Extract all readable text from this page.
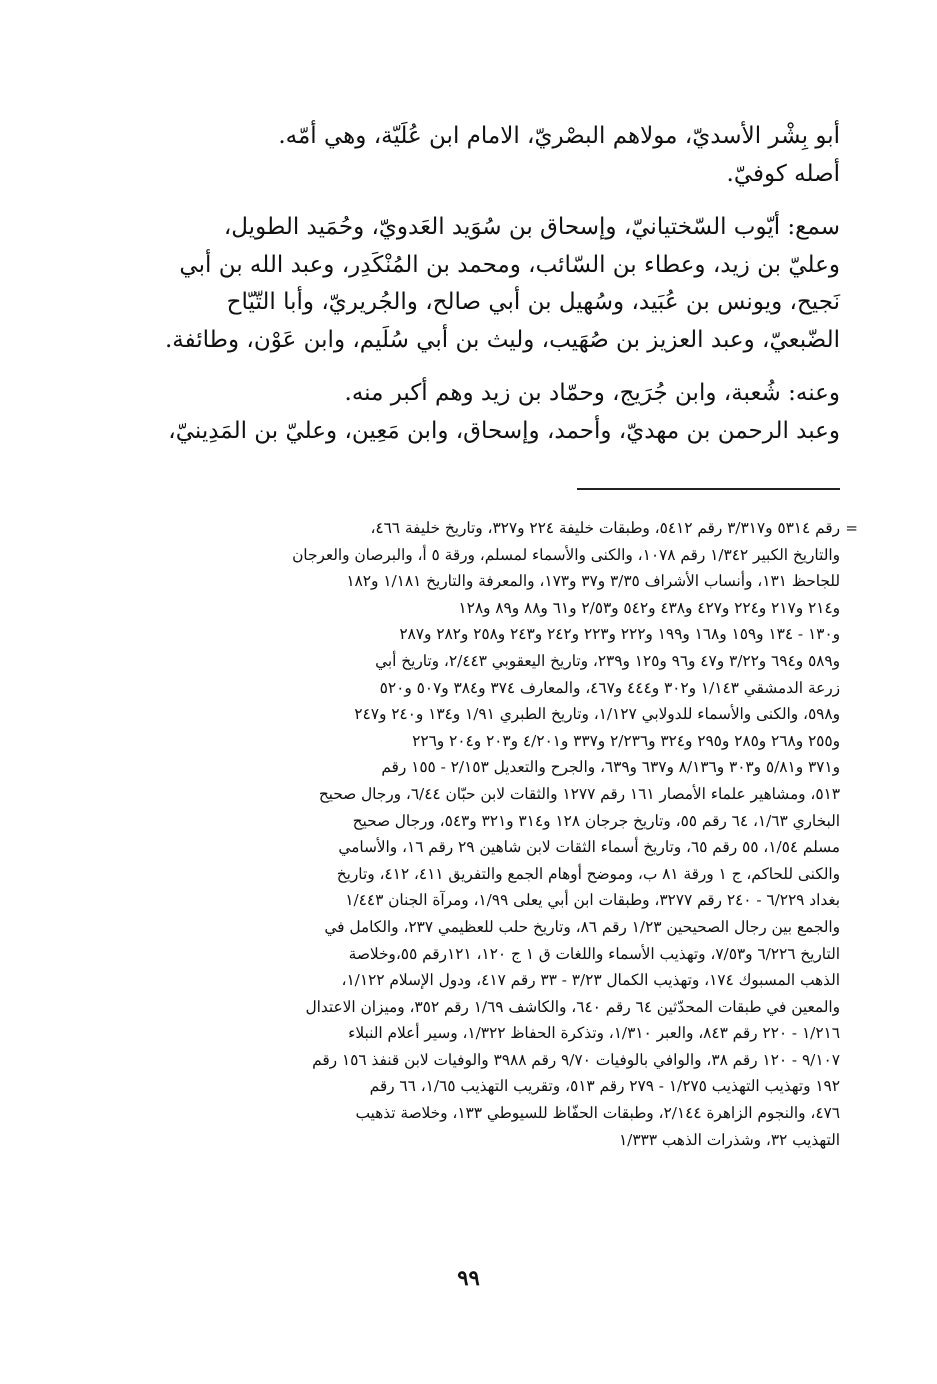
أبو بِشْر الأسديّ، مولاهم البصْريّ، الامام ابن عُلَيّة، وهي أمّه.
أصله كوفيّ.

سمع: أيّوب السّختيانيّ، وإسحاق بن سُوَيد العَدويّ، وحُمَيد الطويل،
وعليّ بن زيد، وعطاء بن السّائب، ومحمد بن المُنْكَدِر، وعبد الله بن أبي
نَجيح، ويونس بن عُبَيد، وسُهيل بن أبي صالح، والجُريريّ، وأبا التّيّاح
الضّبعيّ، وعبد العزيز بن صُهَيب، وليث بن أبي سُلَيم، وابن عَوْن، وطائفة.

وعنه: شُعبة، وابن جُرَيج، وحمّاد بن زيد وهم أكبر منه.
وعبد الرحمن بن مهديّ، وأحمد، وإسحاق، وابن مَعِين، وعليّ بن المَدِينيّ،

=
رقم ٥٣١٤ و٣/٣١٧ رقم ٥٤١٢، وطبقات خليفة ٢٢٤ و٣٢٧، وتاريخ خليفة ٤٦٦،
والتاريخ الكبير ١/٣٤٢ رقم ١٠٧٨، والكنى والأسماء لمسلم، ورقة ٥ أ، والبرصان والعرجان
للجاحظ ١٣١، وأنساب الأشراف ٣/٣٥ و٣٧ و١٧٣، والمعرفة والتاريخ ١/١٨١ و١٨٢
و٢١٤ و٢١٧ و٢٢٤ و٤٢٧ و٤٣٨ و٥٤٢ و٢/٥٣ و٦١ و٨٨ و٨٩ و١٢٨
و١٣٠ - ١٣٤ و١٥٩ و١٦٨ و١٩٩ و٢٢٢ و٢٢٣ و٢٤٢ و٢٤٣ و٢٥٨ و٢٨٢ و٢٨٧
و٥٨٩ و٦٩٤ و٣/٢٢ و٤٧ و٩٦ و١٢٥ و٢٣٩، وتاريخ اليعقوبي ٢/٤٤٣، وتاريخ أبي
زرعة الدمشقي ١/١٤٣ و٣٠٢ و٤٤٤ و٤٦٧، والمعارف ٣٧٤ و٣٨٤ و٥٠٧ و٥٢٠
و٥٩٨، والكنى والأسماء للدولابي ١/١٢٧، وتاريخ الطبري ١/٩١ و١٣٤ و٢٤٠ و٢٤٧
و٢٥٥ و٢٦٨ و٢٨٥ و٢٩٥ و٣٢٤ و٢/٢٣٦ و٣٣٧ و٤/٢٠١ و٢٠٣ و٢٠٤ و٢٢٦
و٣٧١ و٥/٨١ و٣٠٣ و٨/١٣٦ و٦٣٧ و٦٣٩، والجرح والتعديل ٢/١٥٣ - ١٥٥ رقم
٥١٣، ومشاهير علماء الأمصار ١٦١ رقم ١٢٧٧ والثقات لابن حبّان ٦/٤٤، ورجال صحيح
البخاري ١/٦٣، ٦٤ رقم ٥٥، وتاريخ جرجان ١٢٨ و٣١٤ و٣٢١ و٥٤٣، ورجال صحيح
مسلم ١/٥٤، ٥٥ رقم ٦٥، وتاريخ أسماء الثقات لابن شاهين ٢٩ رقم ١٦، والأسامي
والكنى للحاكم، ج ١ ورقة ٨١ ب، وموضح أوهام الجمع والتفريق ٤١١، ٤١٢، وتاريخ
بغداد ٦/٢٢٩ - ٢٤٠ رقم ٣٢٧٧، وطبقات ابن أبي يعلى ١/٩٩، ومرآة الجنان ١/٤٤٣
والجمع بين رجال الصحيحين ١/٢٣ رقم ٨٦، وتاريخ حلب للعظيمي ٢٣٧، والكامل في
التاريخ ٦/٢٢٦ و٧/٥٣، وتهذيب الأسماء واللغات ق ١ ج ١٢٠، ١٢١رقم ٥٥،وخلاصة
الذهب المسبوك ١٧٤، وتهذيب الكمال ٣/٢٣ - ٣٣ رقم ٤١٧، ودول الإسلام ١/١٢٢،
والمعين في طبقات المحدّثين ٦٤ رقم ٦٤٠، والكاشف ١/٦٩ رقم ٣٥٢، وميزان الاعتدال
١/٢١٦ - ٢٢٠ رقم ٨٤٣، والعبر ١/٣١٠، وتذكرة الحفاظ ١/٣٢٢، وسير أعلام النبلاء
٩/١٠٧ - ١٢٠ رقم ٣٨، والوافي بالوفيات ٩/٧٠ رقم ٣٩٨٨ والوفيات لابن قنفذ ١٥٦ رقم
١٩٢ وتهذيب التهذيب ١/٢٧٥ - ٢٧٩ رقم ٥١٣، وتقريب التهذيب ١/٦٥، ٦٦ رقم
٤٧٦، والنجوم الزاهرة ٢/١٤٤، وطبقات الحفّاظ للسيوطي ١٣٣، وخلاصة تذهيب
التهذيب ٣٢، وشذرات الذهب ١/٣٣٣
٩٩
